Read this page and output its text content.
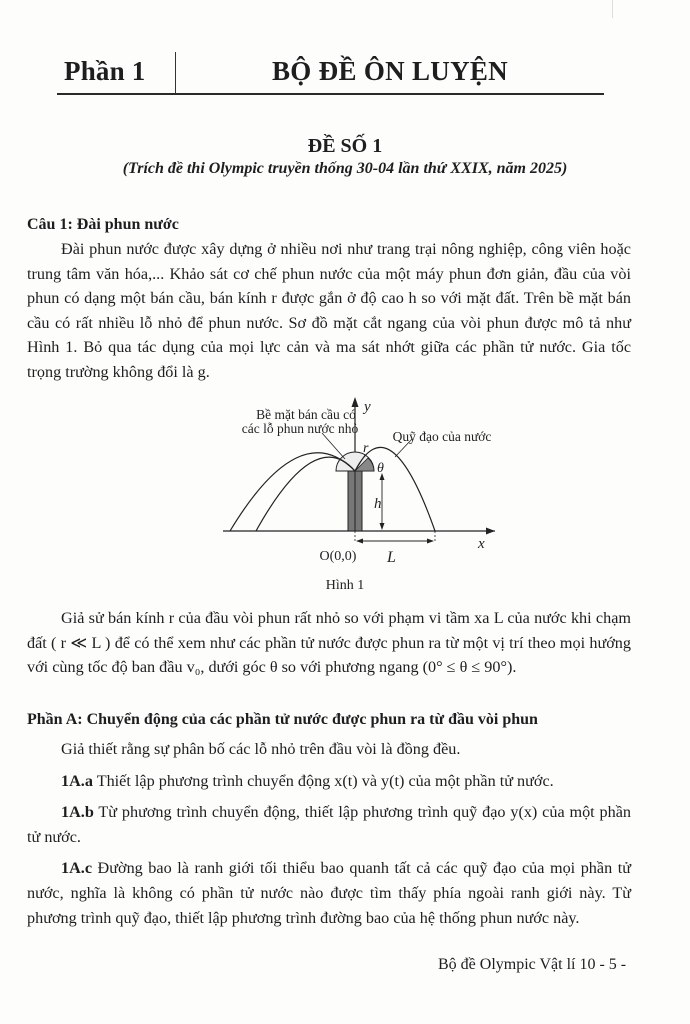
Phần 1	BỘ ĐỀ ÔN LUYỆN
ĐỀ SỐ 1
(Trích đề thi Olympic truyền thống 30-04 lần thứ XXIX, năm 2025)
Câu 1: Đài phun nước

Đài phun nước được xây dựng ở nhiều nơi như trang trại nông nghiệp, công viên hoặc trung tâm văn hóa,... Khảo sát cơ chế phun nước của một máy phun đơn giản, đầu của vòi phun có dạng một bán cầu, bán kính r được gắn ở độ cao h so với mặt đất. Trên bề mặt bán cầu có rất nhiều lỗ nhỏ để phun nước. Sơ đồ mặt cắt ngang của vòi phun được mô tả như Hình 1. Bỏ qua tác dụng của mọi lực cản và ma sát nhớt giữa các phần tử nước. Gia tốc trọng trường không đổi là g.

Bề mặt bán cầu có
các lỗ phun nước nhỏ
Quỹ đạo của nước
y
x
r
θ
h
L
O(0,0)
Hình 1

Giả sử bán kính r của đầu vòi phun rất nhỏ so với phạm vi tầm xa L của nước khi chạm đất ( r ≪ L ) để có thể xem như các phần tử nước được phun ra từ một vị trí theo mọi hướng với cùng tốc độ ban đầu v₀, dưới góc θ so với phương ngang (0° ≤ θ ≤ 90°).

Phần A: Chuyển động của các phần tử nước được phun ra từ đầu vòi phun

Giả thiết rằng sự phân bố các lỗ nhỏ trên đầu vòi là đồng đều.

1A.a Thiết lập phương trình chuyển động x(t) và y(t) của một phần tử nước.

1A.b Từ phương trình chuyển động, thiết lập phương trình quỹ đạo y(x) của một phần tử nước.

1A.c Đường bao là ranh giới tối thiểu bao quanh tất cả các quỹ đạo của mọi phần tử nước, nghĩa là không có phần tử nước nào được tìm thấy phía ngoài ranh giới này. Từ phương trình quỹ đạo, thiết lập phương trình đường bao của hệ thống phun nước này.

Bộ đề Olympic Vật lí 10 - 5 -
